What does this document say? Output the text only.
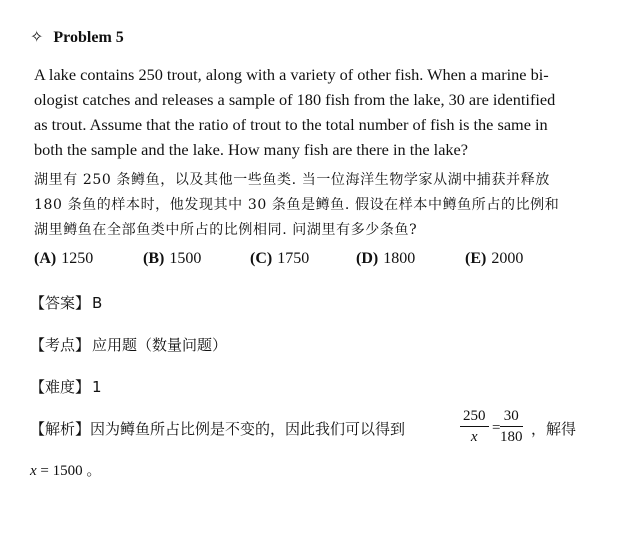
✧ Problem 5
A lake contains 250 trout, along with a variety of other fish. When a marine bi-
ologist catches and releases a sample of 180 fish from the lake, 30 are identified
as trout. Assume that the ratio of trout to the total number of fish is the same in
both the sample and the lake. How many fish are there in the lake?
湖里有 250 条鳟鱼，以及其他一些鱼类. 当一位海洋生物学家从湖中捕获并释放
180 条鱼的样本时，他发现其中 30 条鱼是鳟鱼. 假设在样本中鳟鱼所占的比例和
湖里鳟鱼在全部鱼类中所占的比例相同. 问湖里有多少条鱼?
(A) 1250	(B) 1500	(C) 1750	(D) 1800	(E) 2000
【答案】 B
【考点】 应用题（数量问题）
【难度】 1
【解析】因为鳟鱼所占比例是不变的，因此我们可以得到	$\frac{250}{x} = \frac{30}{180}$ ，解得
x = 1500 。
